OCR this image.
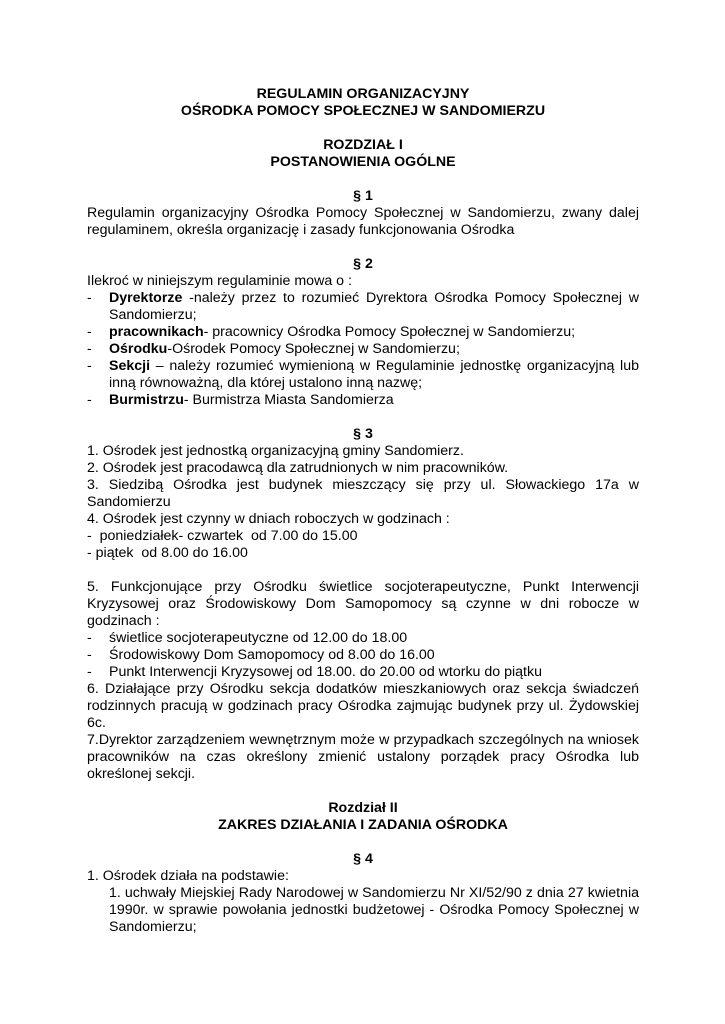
REGULAMIN ORGANIZACYJNY
OŚRODKA POMOCY SPOŁECZNEJ W SANDOMIERZU
ROZDZIAŁ I
POSTANOWIENIA OGÓLNE
§ 1
Regulamin organizacyjny Ośrodka Pomocy Społecznej w Sandomierzu, zwany dalej regulaminem, określa organizację i zasady funkcjonowania Ośrodka
§ 2
Ilekroć w niniejszym regulaminie mowa o :
-	Dyrektorze -należy przez to rozumieć Dyrektora Ośrodka Pomocy Społecznej w Sandomierzu;
-	pracownikach- pracownicy Ośrodka Pomocy Społecznej w Sandomierzu;
-	Ośrodku-Ośrodek Pomocy Społecznej w Sandomierzu;
-	Sekcji – należy rozumieć wymienioną w Regulaminie jednostkę organizacyjną lub inną równoważną, dla której ustalono inną nazwę;
-	Burmistrzu- Burmistrza Miasta Sandomierza
§ 3
1. Ośrodek jest jednostką organizacyjną gminy Sandomierz.
2. Ośrodek jest pracodawcą dla zatrudnionych w nim pracowników.
3. Siedzibą Ośrodka jest budynek mieszczący się przy ul. Słowackiego 17a w Sandomierzu
4. Ośrodek jest czynny w dniach roboczych w godzinach :
-  poniedziałek- czwartek  od 7.00 do 15.00
- piątek  od 8.00 do 16.00
5. Funkcjonujące przy Ośrodku świetlice socjoterapeutyczne, Punkt Interwencji Kryzysowej oraz Środowiskowy Dom Samopomocy są czynne w dni robocze w godzinach :
-	świetlice socjoterapeutyczne od 12.00 do 18.00
-	Środowiskowy Dom Samopomocy od 8.00 do 16.00
-	Punkt Interwencji Kryzysowej od 18.00. do 20.00 od wtorku do piątku
6. Działające przy Ośrodku sekcja dodatków mieszkaniowych oraz sekcja świadczeń rodzinnych pracują w godzinach pracy Ośrodka zajmując budynek przy ul. Żydowskiej 6c.
7.Dyrektor zarządzeniem wewnętrznym może w przypadkach szczególnych na wniosek pracowników na czas określony zmienić ustalony porządek pracy Ośrodka lub określonej sekcji.
Rozdział II
ZAKRES DZIAŁANIA I ZADANIA OŚRODKA
§ 4
1. Ośrodek działa na podstawie:
1. uchwały Miejskiej Rady Narodowej w Sandomierzu Nr XI/52/90 z dnia 27 kwietnia 1990r. w sprawie powołania jednostki budżetowej - Ośrodka Pomocy Społecznej w Sandomierzu;
